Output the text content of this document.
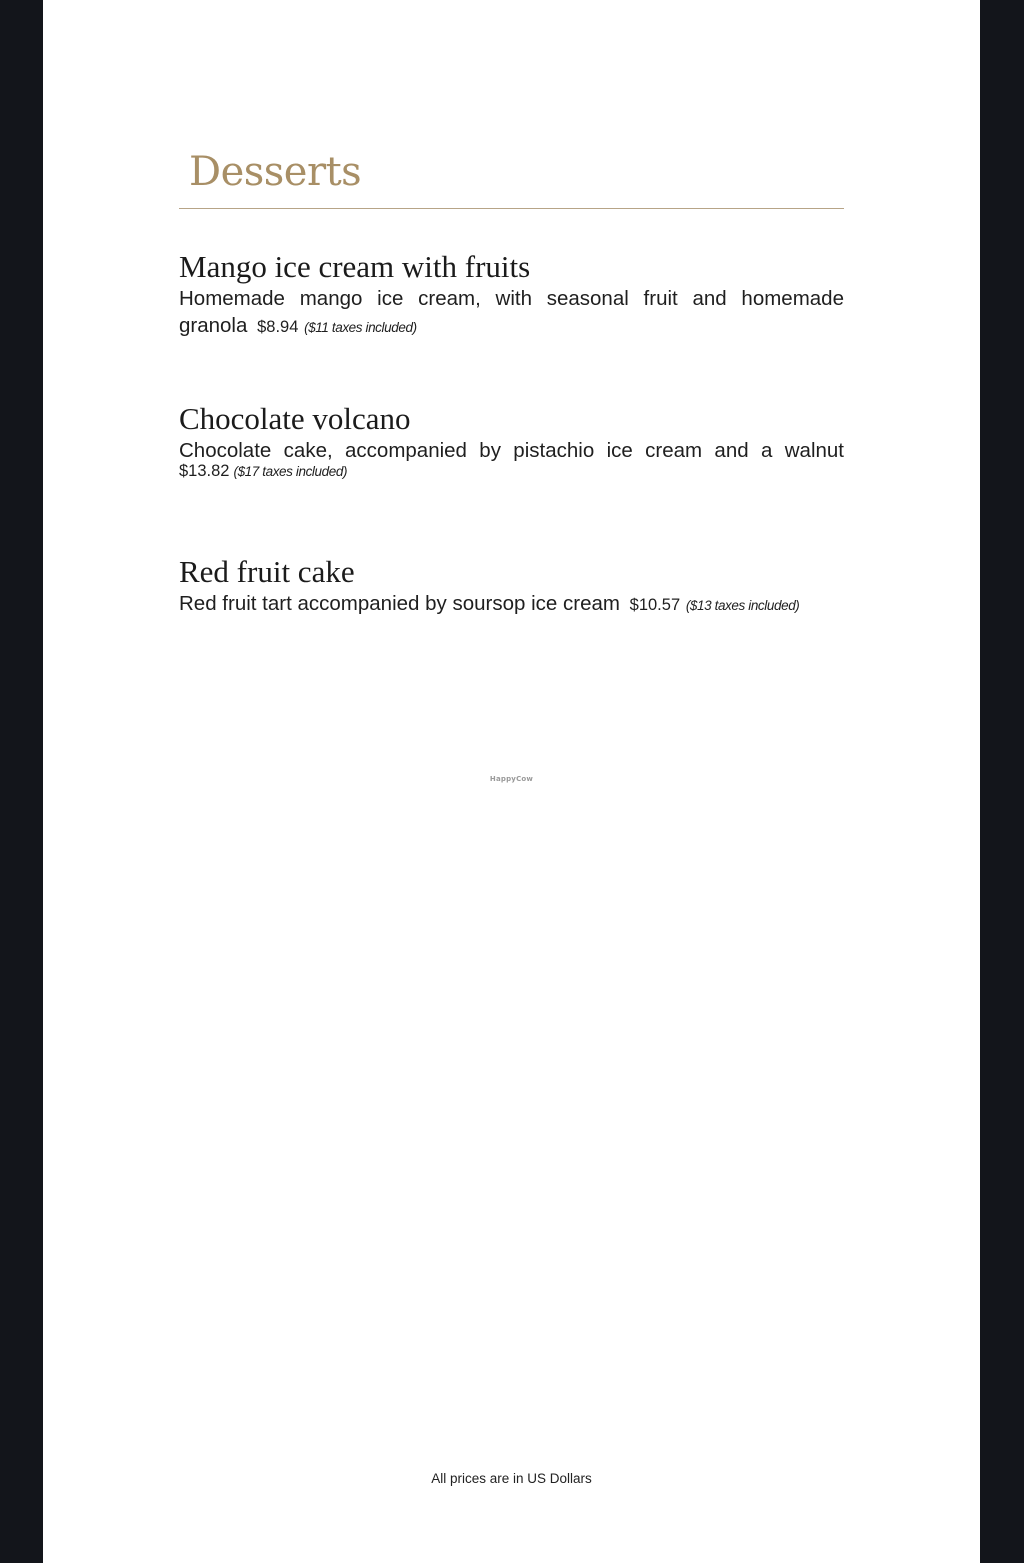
Desserts
Mango ice cream with fruits

Homemade mango ice cream, with seasonal fruit and homemade granola $8.94 ($11 taxes included)

Chocolate volcano

Chocolate cake, accompanied by pistachio ice cream and a walnut

$13.82 ($17 taxes included)
Red fruit cake

Red fruit tart accompanied by soursop ice cream $10.57 ($13 taxes included)

HappyCow
All prices are in US Dollars
